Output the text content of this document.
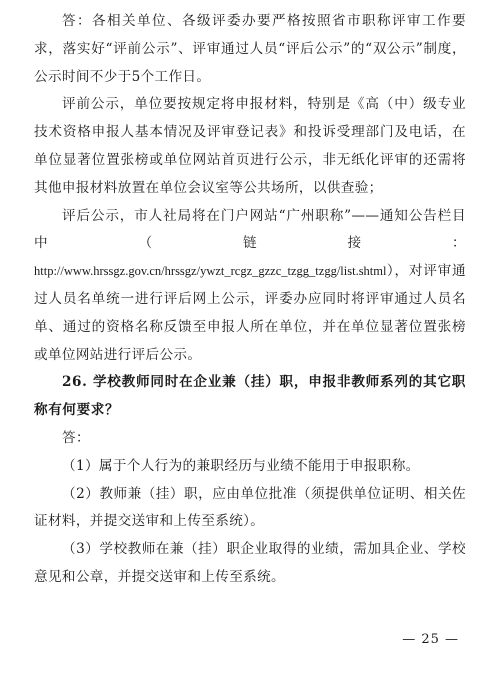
答：各相关单位、各级评委办要严格按照省市职称评审工作要求，落实好“评前公示”、评审通过人员“评后公示”的“双公示”制度，公示时间不少于5个工作日。

评前公示，单位要按规定将申报材料，特别是《高（中）级专业技术资格申报人基本情况及评审登记表》和投诉受理部门及电话，在单位显著位置张榜或单位网站首页进行公示，非无纸化评审的还需将其他申报材料放置在单位会议室等公共场所，以供查验；

评后公示，市人社局将在门户网站“广州职称”——通知公告栏目中（链接：http://www.hrssgz.gov.cn/hrssgz/ywzt_rcgz_gzzc_tzgg_tzgg/list.shtml），对评审通过人员名单统一进行评后网上公示，评委办应同时将评审通过人员名单、通过的资格名称反馈至申报人所在单位，并在单位显著位置张榜或单位网站进行评后公示。

26. 学校教师同时在企业兼（挂）职，申报非教师系列的其它职称有何要求？

答：

（1）属于个人行为的兼职经历与业绩不能用于申报职称。

（2）教师兼（挂）职，应由单位批准（须提供单位证明、相关佐证材料，并提交送审和上传至系统）。

（3）学校教师在兼（挂）职企业取得的业绩，需加具企业、学校意见和公章，并提交送审和上传至系统。

— 25 —
